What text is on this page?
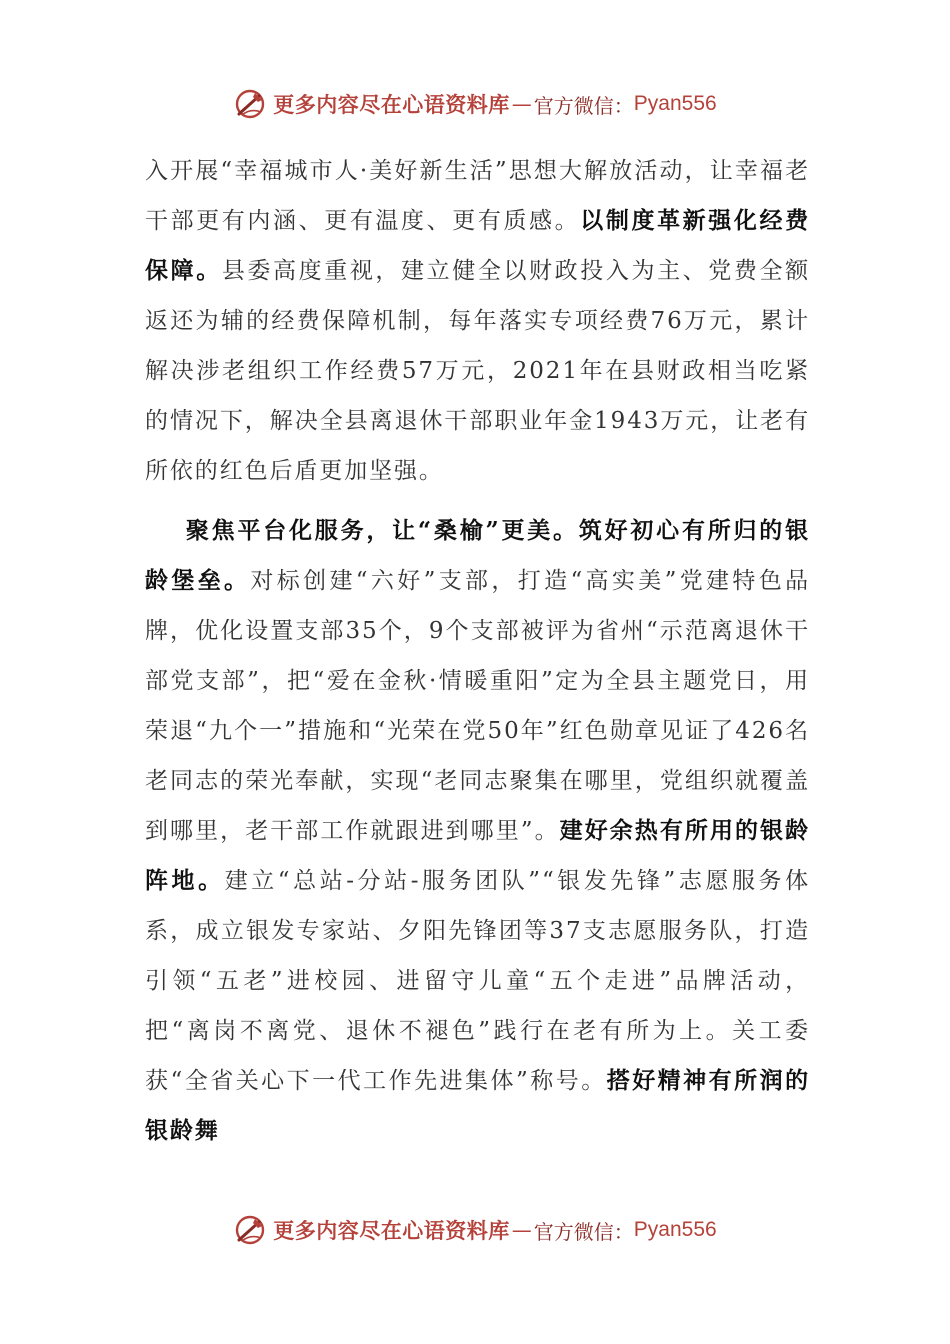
更多内容尽在心语资料库 — 官方微信： Pyan556

入开展“幸福城市人·美好新生活”思想大解放活动，让幸福老干部更有内涵、更有温度、更有质感。以制度革新强化经费保障。县委高度重视，建立健全以财政投入为主、党费全额返还为辅的经费保障机制，每年落实专项经费76万元，累计解决涉老组织工作经费57万元，2021年在县财政相当吃紧的情况下，解决全县离退休干部职业年金1943万元，让老有所依的红色后盾更加坚强。

聚焦平台化服务，让“桑榆”更美。筑好初心有所归的银龄堡垒。对标创建“六好”支部，打造“高实美”党建特色品牌，优化设置支部35个，9个支部被评为省州“示范离退休干部党支部”，把“爱在金秋·情暖重阳”定为全县主题党日，用荣退“九个一”措施和“光荣在党50年”红色勋章见证了426名老同志的荣光奉献，实现“老同志聚集在哪里，党组织就覆盖到哪里，老干部工作就跟进到哪里”。建好余热有所用的银龄阵地。建立“总站-分站-服务团队”“银发先锋”志愿服务体系，成立银发专家站、夕阳先锋团等37支志愿服务队，打造引领“五老”进校园、进留守儿童“五个走进”品牌活动，把“离岗不离党、退休不褪色”践行在老有所为上。关工委获“全省关心下一代工作先进集体”称号。搭好精神有所润的银龄舞

更多内容尽在心语资料库 — 官方微信： Pyan556
